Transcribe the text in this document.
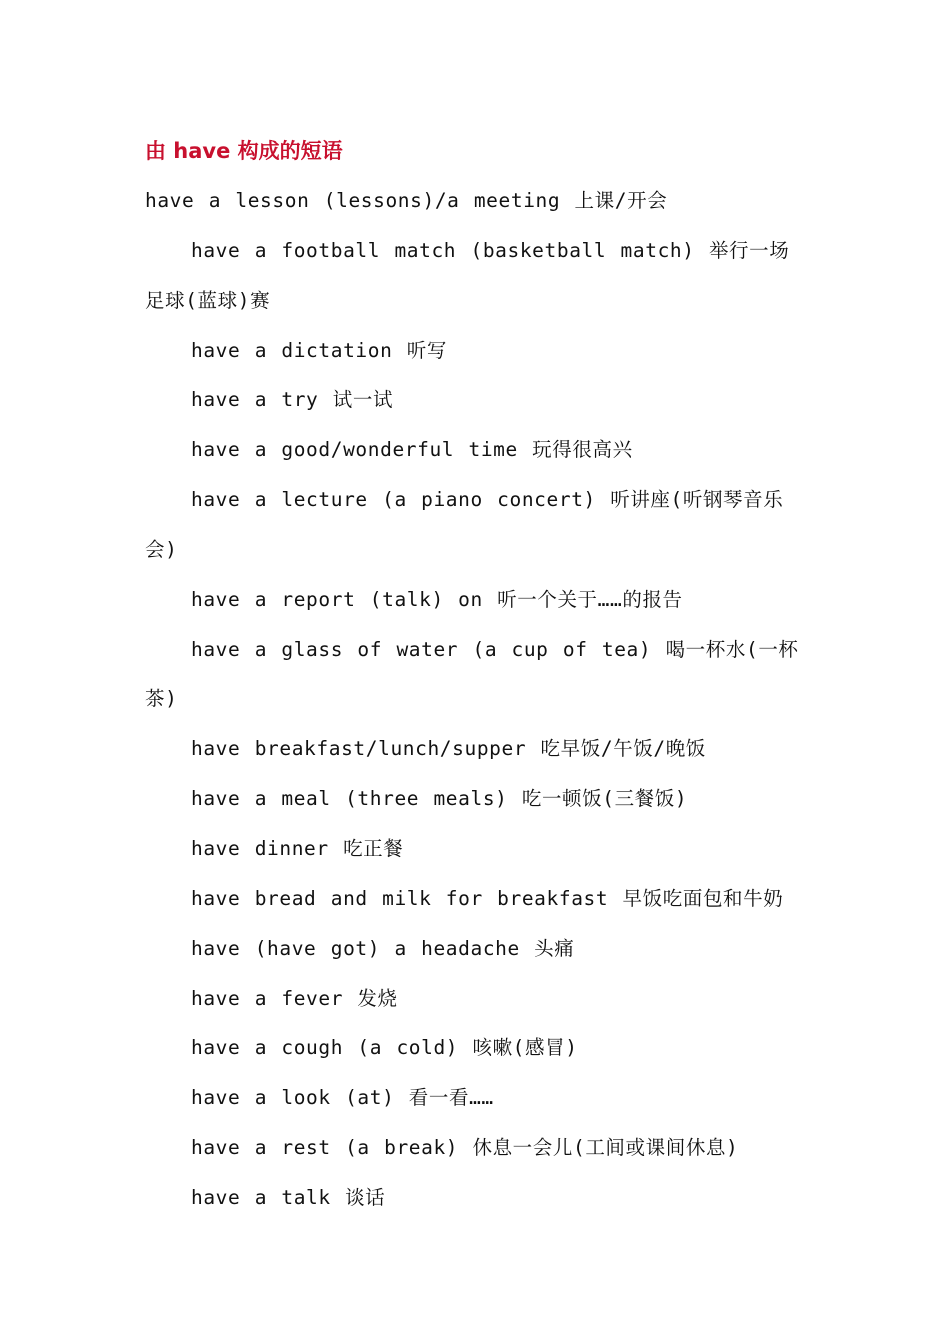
由 have 构成的短语
have a lesson (lessons)/a meeting 上课/开会
have a football match (basketball match) 举行一场足球(蓝球)赛
have a dictation 听写
have a try 试一试
have a good/wonderful time 玩得很高兴
have a lecture (a piano concert) 听讲座(听钢琴音乐会)
have a report (talk) on 听一个关于……的报告
have a glass of water (a cup of tea) 喝一杯水(一杯茶)
have breakfast/lunch/supper 吃早饭/午饭/晚饭
have a meal (three meals) 吃一顿饭(三餐饭)
have dinner 吃正餐
have bread and milk for breakfast 早饭吃面包和牛奶
have (have got) a headache 头痛
have a fever 发烧
have a cough (a cold) 咳嗽(感冒)
have a look (at) 看一看……
have a rest (a break) 休息一会儿(工间或课间休息)
have a talk 谈话
